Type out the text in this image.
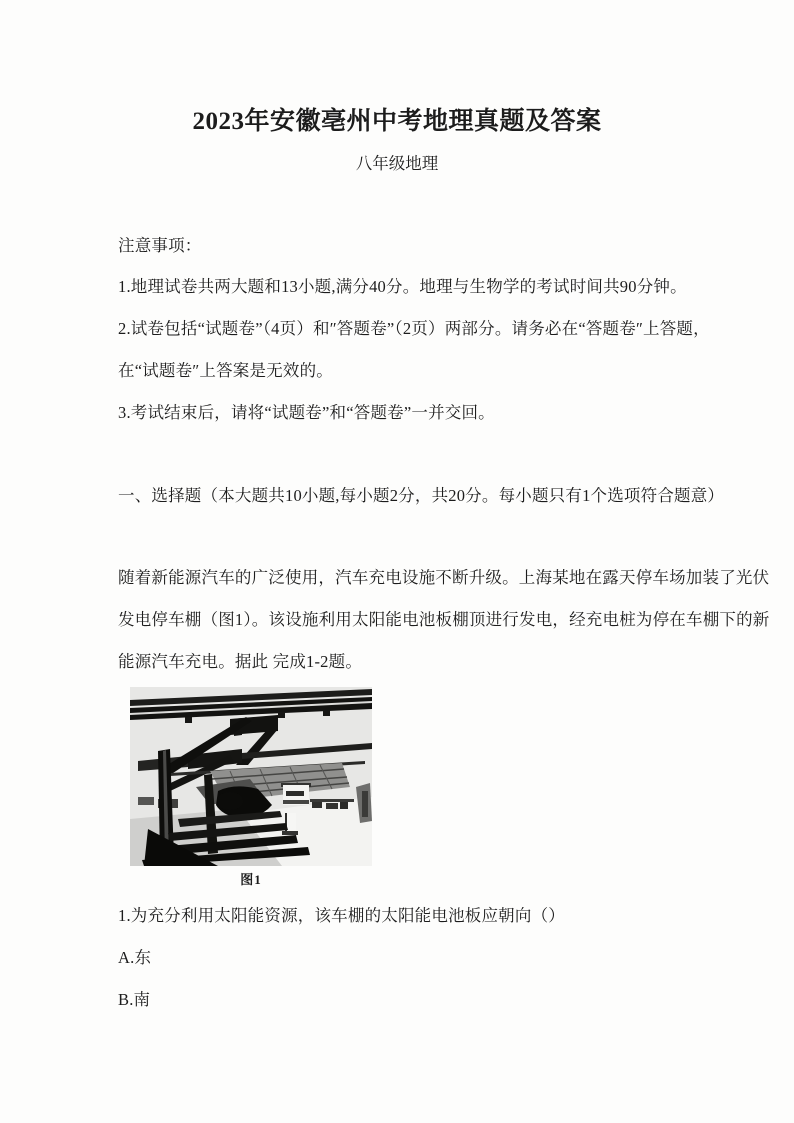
2023年安徽亳州中考地理真题及答案
八年级地理
注意事项：
1.地理试卷共两大题和13小题,满分40分。地理与生物学的考试时间共90分钟。
2.试卷包括“试题卷”（4页）和″答题卷”（2页）两部分。请务必在“答题卷″上答题，
在“试题卷″上答案是无效的。
3.考试结束后，请将“试题卷”和“答题卷”一并交回。
一、选择题（本大题共10小题,每小题2分，共20分。每小题只有1个选项符合题意）
随着新能源汽车的广泛使用，汽车充电设施不断升级。上海某地在露天停车场加装了光伏
发电停车棚（图1）。该设施利用太阳能电池板棚顶进行发电，经充电桩为停在车棚下的新
能源汽车充电。据此 完成1-2题。
图1
1.为充分利用太阳能资源，该车棚的太阳能电池板应朝向（）
A.东
B.南
